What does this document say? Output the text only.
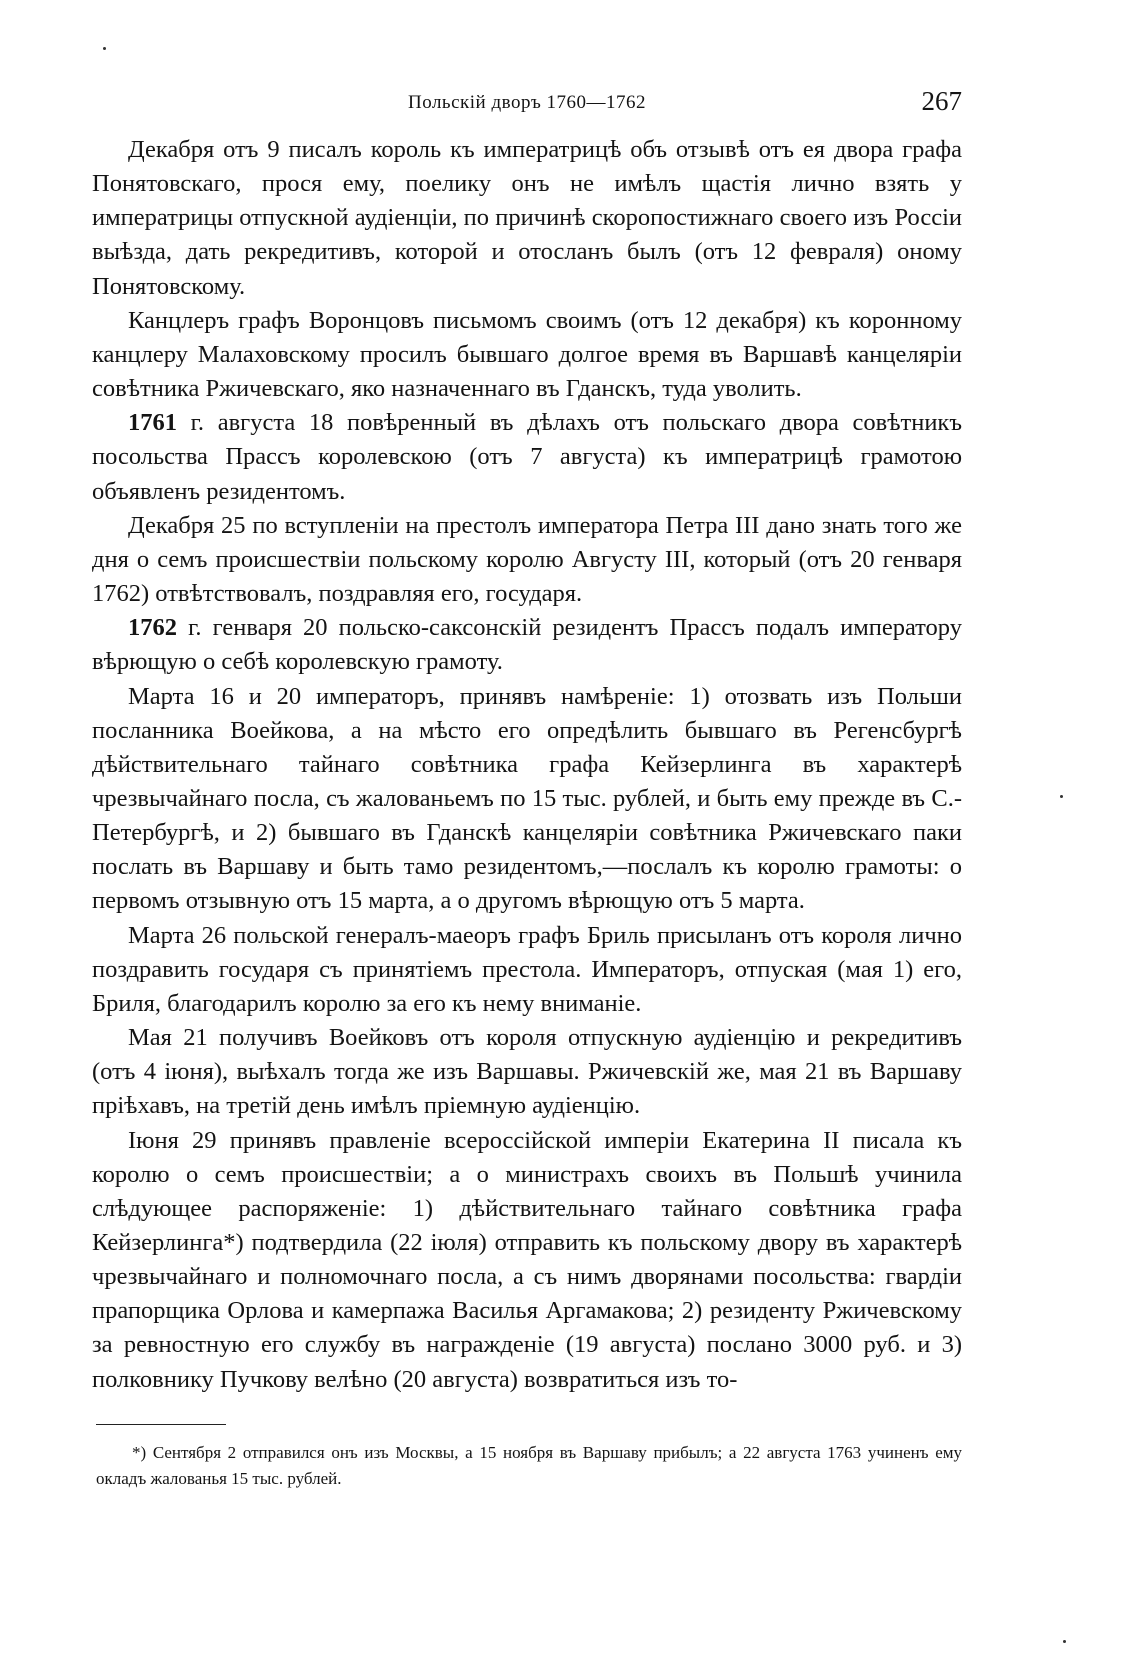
Польскій дворъ 1760—1762	267

Декабря отъ 9 писалъ король къ императрицѣ объ отзывѣ отъ ея двора графа Понятовскаго, прося ему, поелику онъ не имѣлъ щастія лично взять у императрицы отпускной аудіенціи, по причинѣ скоропостижнаго своего изъ Россіи выѣзда, дать рекредитивъ, которой и отосланъ былъ (отъ 12 февраля) оному Понятовскому.

Канцлеръ графъ Воронцовъ письмомъ своимъ (отъ 12 декабря) къ коронному канцлеру Малаховскому просилъ бывшаго долгое время въ Варшавѣ канцеляріи совѣтника Ржичевскаго, яко назначеннаго въ Гданскъ, туда уволить.

1761 г. августа 18 повѣренный въ дѣлахъ отъ польскаго двора совѣтникъ посольства Прассъ королевскою (отъ 7 августа) къ императрицѣ грамотою объявленъ резидентомъ.

Декабря 25 по вступленіи на престолъ императора Петра III дано знать того же дня о семъ происшествіи польскому королю Августу III, который (отъ 20 генваря 1762) отвѣтствовалъ, поздравляя его, государя.

1762 г. генваря 20 польско-саксонскій резидентъ Прассъ подалъ императору вѣрющую о себѣ королевскую грамоту.

Марта 16 и 20 императоръ, принявъ намѣреніе: 1) отозвать изъ Польши посланника Воейкова, а на мѣсто его опредѣлить бывшаго въ Регенсбургѣ дѣйствительнаго тайнаго совѣтника графа Кейзерлинга въ характерѣ чрезвычайнаго посла, съ жалованьемъ по 15 тыс. рублей, и быть ему прежде въ С.-Петербургѣ, и 2) бывшаго въ Гданскѣ канцеляріи совѣтника Ржичевскаго паки послать въ Варшаву и быть тамо резидентомъ,—послалъ къ королю грамоты: о первомъ отзывную отъ 15 марта, а о другомъ вѣрющую отъ 5 марта.

Марта 26 польской генералъ-маеоръ графъ Бриль присыланъ отъ короля лично поздравить государя съ принятіемъ престола. Императоръ, отпуская (мая 1) его, Бриля, благодарилъ королю за его къ нему вниманіе.

Мая 21 получивъ Воейковъ отъ короля отпускную аудіенцію и рекредитивъ (отъ 4 іюня), выѣхалъ тогда же изъ Варшавы. Ржичевскій же, мая 21 въ Варшаву пріѣхавъ, на третій день имѣлъ пріемную аудіенцію.

Іюня 29 принявъ правленіе всероссійской имперіи Екатерина II писала къ королю о семъ происшествіи; а о министрахъ своихъ въ Польшѣ учинила слѣдующее распоряженіе: 1) дѣйствительнаго тайнаго совѣтника графа Кейзерлинга*) подтвердила (22 іюля) отправить къ польскому двору въ характерѣ чрезвычайнаго и полномочнаго посла, а съ нимъ дворянами посольства: гвардіи прапорщика Орлова и камерпажа Василья Аргамакова; 2) резиденту Ржичевскому за ревностную его службу въ награжденіе (19 августа) послано 3000 руб. и 3) полковнику Пучкову велѣно (20 августа) возвратиться изъ то-

*) Сентября 2 отправился онъ изъ Москвы, а 15 ноября въ Варшаву прибылъ; а 22 августа 1763 учиненъ ему окладъ жалованья 15 тыс. рублей.
